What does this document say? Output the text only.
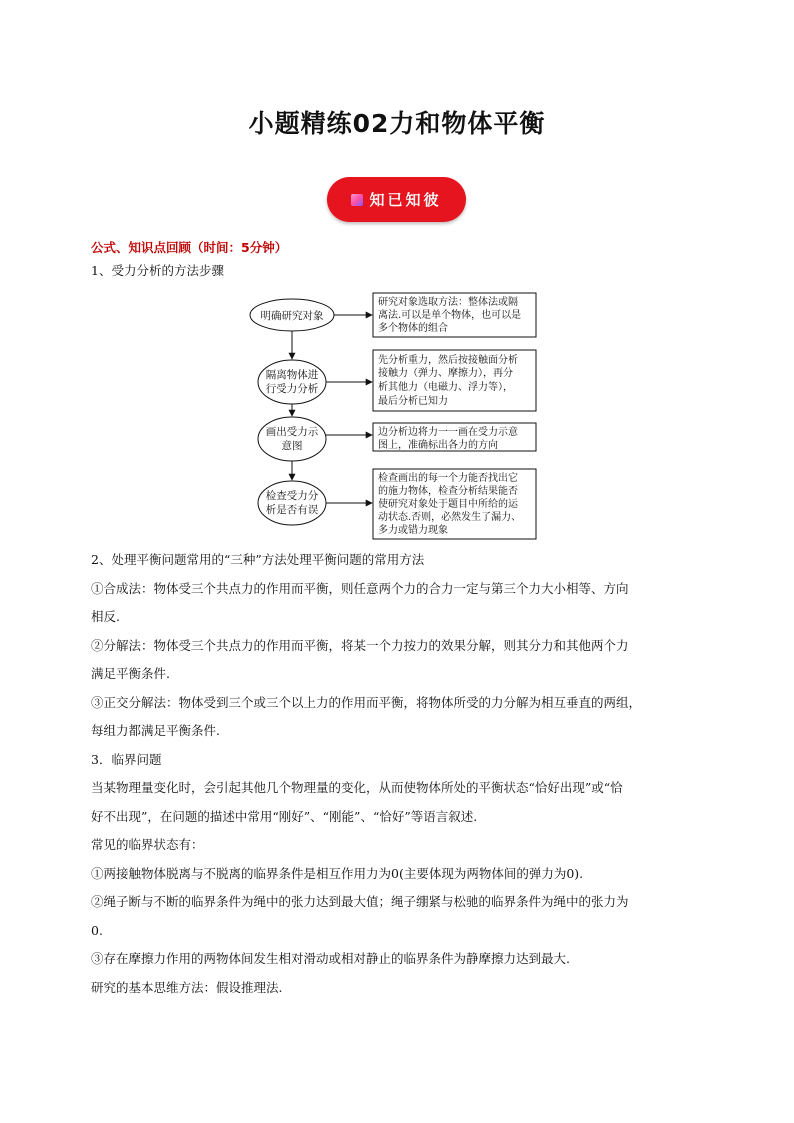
小题精练02力和物体平衡
知已知彼
公式、知识点回顾（时间：5分钟）
1、受力分析的方法步骤
明确研究对象
隔离物体进
行受力分析
画出受力示
意图
检查受力分
析是否有误
研究对象选取方法：整体法或隔
离法.可以是单个物体，也可以是
多个物体的组合
先分析重力，然后按接触面分析
接触力（弹力、摩擦力），再分
析其他力（电磁力、浮力等），
最后分析已知力
边分析边将力一一画在受力示意
图上，准确标出各力的方向
检查画出的每一个力能否找出它
的施力物体，检查分析结果能否
使研究对象处于题目中所给的运
动状态.否则，必然发生了漏力、
多力或错力现象
2、处理平衡问题常用的“三种”方法处理平衡问题的常用方法
①合成法：物体受三个共点力的作用而平衡，则任意两个力的合力一定与第三个力大小相等、方向
相反.
②分解法：物体受三个共点力的作用而平衡，将某一个力按力的效果分解，则其分力和其他两个力
满足平衡条件.
③正交分解法：物体受到三个或三个以上力的作用而平衡，将物体所受的力分解为相互垂直的两组，
每组力都满足平衡条件.
3．临界问题
当某物理量变化时，会引起其他几个物理量的变化，从而使物体所处的平衡状态“恰好出现”或“恰
好不出现”，在问题的描述中常用“刚好”、“刚能”、“恰好”等语言叙述.
常见的临界状态有：
①两接触物体脱离与不脱离的临界条件是相互作用力为0(主要体现为两物体间的弹力为0).
②绳子断与不断的临界条件为绳中的张力达到最大值；绳子绷紧与松驰的临界条件为绳中的张力为
0.
③存在摩擦力作用的两物体间发生相对滑动或相对静止的临界条件为静摩擦力达到最大.
研究的基本思维方法：假设推理法.
